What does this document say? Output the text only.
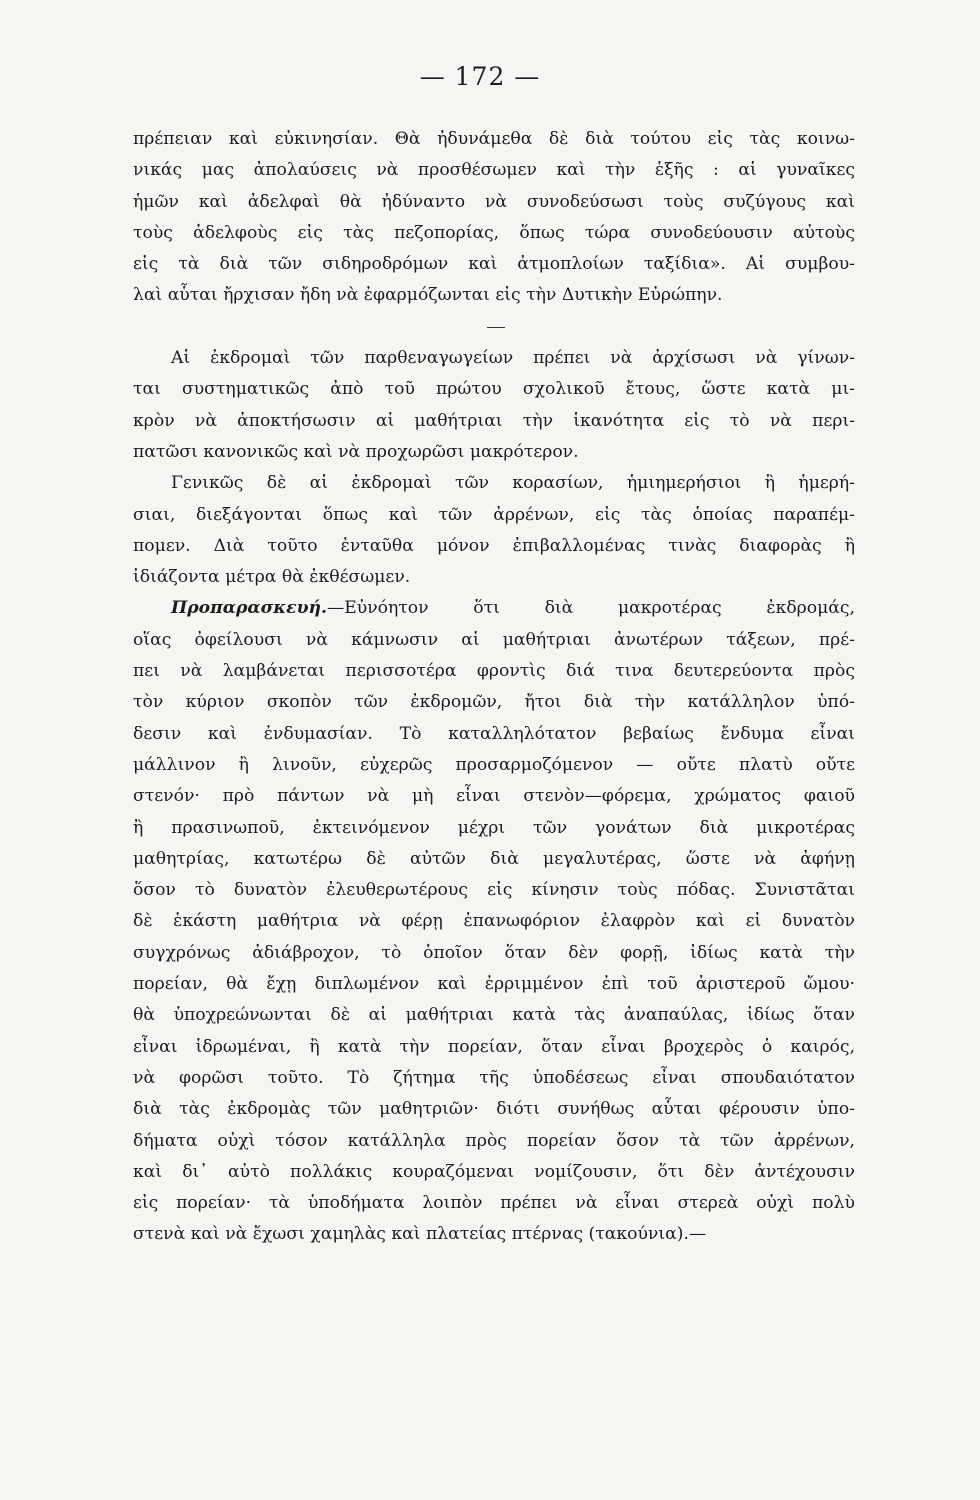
— 172 —
πρέπειαν καὶ εὐκινησίαν. Θὰ ἠδυνάμεθα δὲ διὰ τούτου εἰς τὰς κοινω-
νικάς μας ἀπολαύσεις νὰ προσθέσωμεν καὶ τὴν ἑξῆς : αἱ γυναῖκες
ἡμῶν καὶ ἀδελφαὶ θὰ ἠδύναντο νὰ συνοδεύσωσι τοὺς συζύγους καὶ
τοὺς ἀδελφοὺς εἰς τὰς πεζοπορίας, ὅπως τώρα συνοδεύουσιν αὐτοὺς
εἰς τὰ διὰ τῶν σιδηροδρόμων καὶ ἀτμοπλοίων ταξίδια». Αἱ συμβου-
λαὶ αὗται ἤρχισαν ἤδη νὰ ἐφαρμόζωνται εἰς τὴν Δυτικὴν Εὐρώπην.
Αἱ ἐκδρομαὶ τῶν παρθεναγωγείων πρέπει νὰ ἀρχίσωσι νὰ γίνων-
ται συστηματικῶς ἀπὸ τοῦ πρώτου σχολικοῦ ἔτους, ὥστε κατὰ μι-
κρὸν νὰ ἀποκτήσωσιν αἱ μαθήτριαι τὴν ἱκανότητα εἰς τὸ νὰ περι-
πατῶσι κανονικῶς καὶ νὰ προχωρῶσι μακρότερον.
Γενικῶς δὲ αἱ ἐκδρομαὶ τῶν κορασίων, ἡμιημερήσιοι ἢ ἡμερή-
σιαι, διεξάγονται ὅπως καὶ τῶν ἀρρένων, εἰς τὰς ὁποίας παραπέμ-
πομεν. Διὰ τοῦτο ἐνταῦθα μόνον ἐπιβαλλομένας τινὰς διαφορὰς ἢ
ἰδιάζοντα μέτρα θὰ ἐκθέσωμεν.
Προπαρασκευή.—Εὐνόητον ὅτι διὰ μακροτέρας ἐκδρομάς,
οἵας ὀφείλουσι νὰ κάμνωσιν αἱ μαθήτριαι ἀνωτέρων τάξεων, πρέ-
πει νὰ λαμβάνεται περισσοτέρα φροντὶς διά τινα δευτερεύοντα πρὸς
τὸν κύριον σκοπὸν τῶν ἐκδρομῶν, ἤτοι διὰ τὴν κατάλληλον ὑπό-
δεσιν καὶ ἐνδυμασίαν. Τὸ καταλληλότατον βεβαίως ἔνδυμα εἶναι
μάλλινον ἢ λινοῦν, εὐχερῶς προσαρμοζόμενον — οὔτε πλατὺ οὔτε
στενόν· πρὸ πάντων νὰ μὴ εἶναι στενὸν—φόρεμα, χρώματος φαιοῦ
ἢ πρασινωποῦ, ἐκτεινόμενον μέχρι τῶν γονάτων διὰ μικροτέρας
μαθητρίας, κατωτέρω δὲ αὐτῶν διὰ μεγαλυτέρας, ὥστε νὰ ἀφήνῃ
ὅσον τὸ δυνατὸν ἐλευθερωτέρους εἰς κίνησιν τοὺς πόδας. Συνιστᾶται
δὲ ἑκάστη μαθήτρια νὰ φέρῃ ἐπανωφόριον ἐλαφρὸν καὶ εἰ δυνατὸν
συγχρόνως ἀδιάβροχον, τὸ ὁποῖον ὅταν δὲν φορῇ, ἰδίως κατὰ τὴν
πορείαν, θὰ ἔχῃ διπλωμένον καὶ ἐρριμμένον ἐπὶ τοῦ ἀριστεροῦ ὤμου·
θὰ ὑποχρεώνωνται δὲ αἱ μαθήτριαι κατὰ τὰς ἀναπαύλας, ἰδίως ὅταν
εἶναι ἱδρωμέναι, ἢ κατὰ τὴν πορείαν, ὅταν εἶναι βροχερὸς ὁ καιρός,
νὰ φορῶσι τοῦτο. Τὸ ζήτημα τῆς ὑποδέσεως εἶναι σπουδαιότατον
διὰ τὰς ἐκδρομὰς τῶν μαθητριῶν· διότι συνήθως αὗται φέρουσιν ὑπο-
δήματα οὐχὶ τόσον κατάλληλα πρὸς πορείαν ὅσον τὰ τῶν ἀρρένων,
καὶ δι᾽ αὐτὸ πολλάκις κουραζόμεναι νομίζουσιν, ὅτι δὲν ἀντέχουσιν
εἰς πορείαν· τὰ ὑποδήματα λοιπὸν πρέπει νὰ εἶναι στερεὰ οὐχὶ πολὺ
στενὰ καὶ νὰ ἔχωσι χαμηλὰς καὶ πλατείας πτέρνας (τακούνια).—
